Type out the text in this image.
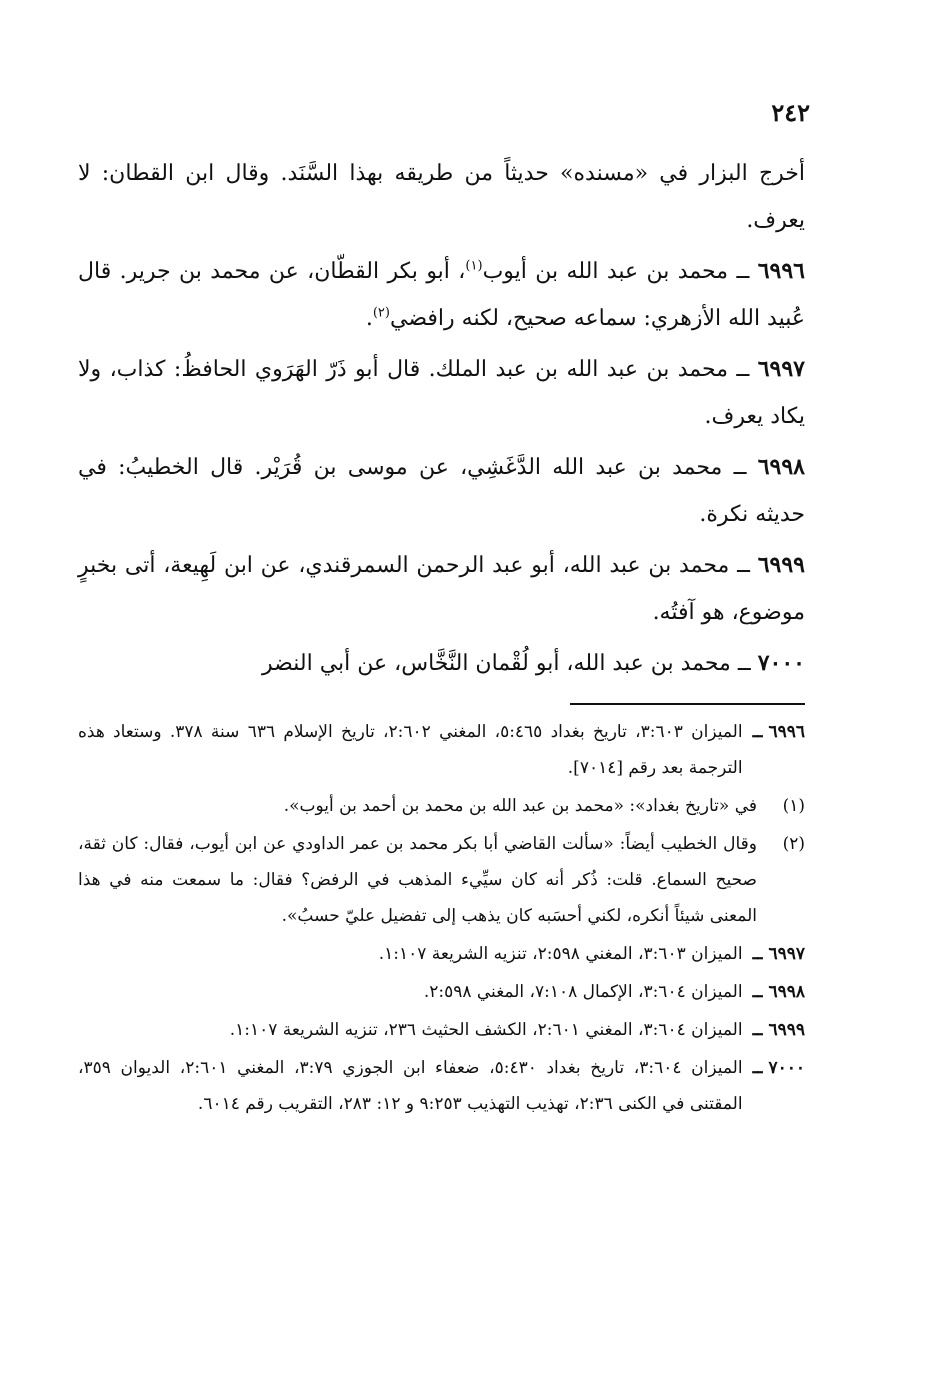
٢٤٢

أخرج البزار في «مسنده» حديثاً من طريقه بهذا السَّنَد. وقال ابن القطان: لا يعرف.

٦٩٩٦ ــ محمد بن عبد الله بن أيوب$^{(١)}$، أبو بكر القطّان، عن محمد بن جرير. قال عُبيد الله الأزهري: سماعه صحيح، لكنه رافضي$^{(٢)}$.

٦٩٩٧ ــ محمد بن عبد الله بن عبد الملك. قال أبو ذَرّ الهَرَوي الحافظُ: كذاب، ولا يكاد يعرف.

٦٩٩٨ ــ محمد بن عبد الله الدَّغَشِي، عن موسى بن قُرَيْر. قال الخطيبُ: في حديثه نكرة.

٦٩٩٩ ــ محمد بن عبد الله، أبو عبد الرحمن السمرقندي، عن ابن لَهِيعة، أتى بخبرٍ موضوع، هو آفتُه.

٧٠٠٠ ــ محمد بن عبد الله، أبو لُقْمان النَّخَّاس، عن أبي النضر

٦٩٩٦ ــ
الميزان ٣:٦٠٣، تاريخ بغداد ٥:٤٦٥، المغني ٢:٦٠٢، تاريخ الإسلام ٦٣٦ سنة ٣٧٨. وستعاد هذه الترجمة بعد رقم [٧٠١٤].
(١)
في «تاريخ بغداد»: «محمد بن عبد الله بن محمد بن أحمد بن أيوب».
(٢)
وقال الخطيب أيضاً: «سألت القاضي أبا بكر محمد بن عمر الداودي عن ابن أيوب، فقال: كان ثقة، صحيح السماع. قلت: ذُكر أنه كان سيِّيء المذهب في الرفض؟ فقال: ما سمعت منه في هذا المعنى شيئاً أنكره، لكني أحسَبه كان يذهب إلى تفضيل عليّ حسبُ».
٦٩٩٧ ــ
الميزان ٣:٦٠٣، المغني ٢:٥٩٨، تنزيه الشريعة ١:١٠٧.
٦٩٩٨ ــ
الميزان ٣:٦٠٤، الإكمال ٧:١٠٨، المغني ٢:٥٩٨.
٦٩٩٩ ــ
الميزان ٣:٦٠٤، المغني ٢:٦٠١، الكشف الحثيث ٢٣٦، تنزيه الشريعة ١:١٠٧.
٧٠٠٠ ــ
الميزان ٣:٦٠٤، تاريخ بغداد ٥:٤٣٠، ضعفاء ابن الجوزي ٣:٧٩، المغني ٢:٦٠١، الديوان ٣٥٩، المقتنى في الكنى ٢:٣٦، تهذيب التهذيب ٩:٢٥٣ و ١٢: ٢٨٣، التقريب رقم ٦٠١٤.
